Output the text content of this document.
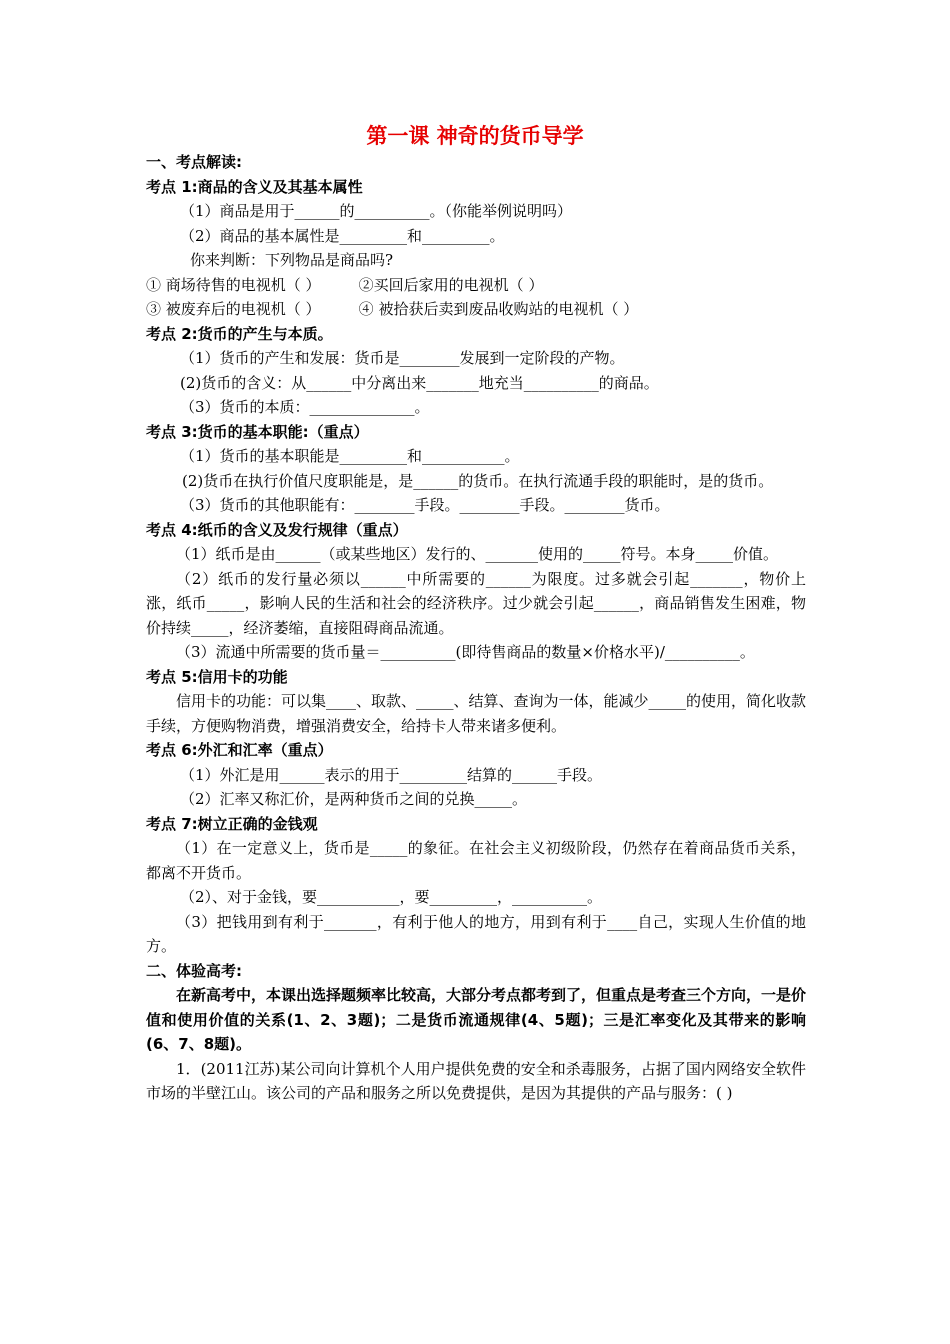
第一课 神奇的货币导学
一、考点解读:
考点 1:商品的含义及其基本属性
（1）商品是用于______的__________。（你能举例说明吗）
（2）商品的基本属性是_________和_________。
你来判断：下列物品是商品吗?
① 商场待售的电视机（ ）        ②买回后家用的电视机（ ）
③ 被废弃后的电视机（ ）        ④ 被拾获后卖到废品收购站的电视机（ ）
考点 2:货币的产生与本质。
（1）货币的产生和发展：货币是________发展到一定阶段的产物。
(2)货币的含义：从______中分离出来_______地充当__________的商品。
（3）货币的本质：______________。
考点 3:货币的基本职能:（重点）
（1）货币的基本职能是_________和___________。
(2)货币在执行价值尺度职能是，是______的货币。在执行流通手段的职能时，是的货币。
（3）货币的其他职能有：________手段。________手段。________货币。
考点 4:纸币的含义及发行规律（重点）
（1）纸币是由______（或某些地区）发行的、_______使用的_____符号。本身_____价值。
（2）纸币的发行量必须以______中所需要的______为限度。过多就会引起_______，物价上涨，纸币_____，影响人民的生活和社会的经济秩序。过少就会引起______，商品销售发生困难，物价持续_____，经济萎缩，直接阻碍商品流通。
（3）流通中所需要的货币量＝__________(即待售商品的数量×价格水平)/__________。
考点 5:信用卡的功能
信用卡的功能：可以集____、取款、_____、结算、查询为一体，能减少_____的使用，简化收款手续，方便购物消费，增强消费安全，给持卡人带来诸多便利。
考点 6:外汇和汇率（重点）
（1）外汇是用______表示的用于_________结算的______手段。
（2）汇率又称汇价，是两种货币之间的兑换_____。
考点 7:树立正确的金钱观
（1）在一定意义上，货币是_____的象征。在社会主义初级阶段，仍然存在着商品货币关系，都离不开货币。
（2）、对于金钱，要___________，要_________，__________。
（3）把钱用到有利于_______，有利于他人的地方，用到有利于____自己，实现人生价值的地方。
二、体验高考:
在新高考中，本课出选择题频率比较高，大部分考点都考到了，但重点是考查三个方向，一是价值和使用价值的关系(1、2、3题)；二是货币流通规律(4、5题)；三是汇率变化及其带来的影响(6、7、8题)。
1．(2011江苏)某公司向计算机个人用户提供免费的安全和杀毒服务，占据了国内网络安全软件市场的半壁江山。该公司的产品和服务之所以免费提供，是因为其提供的产品与服务：( )
